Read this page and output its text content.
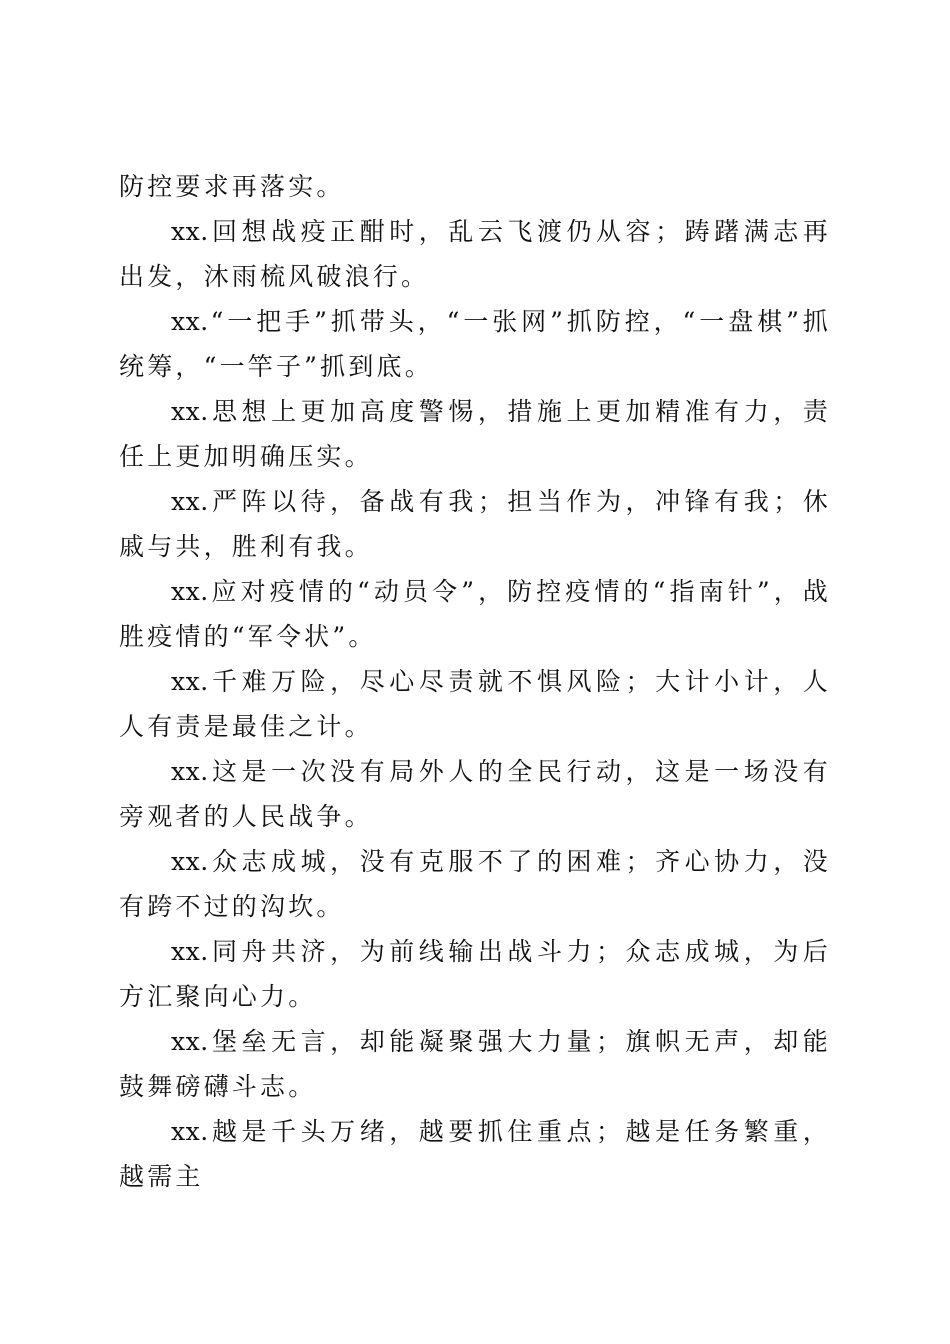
防控要求再落实。

xx.回想战疫正酣时，乱云飞渡仍从容；踌躇满志再出发，沐雨梳风破浪行。

xx.“一把手”抓带头，“一张网”抓防控，“一盘棋”抓统筹，“一竿子”抓到底。

xx.思想上更加高度警惕，措施上更加精准有力，责任上更加明确压实。

xx.严阵以待，备战有我；担当作为，冲锋有我；休戚与共，胜利有我。

xx.应对疫情的“动员令”，防控疫情的“指南针”，战胜疫情的“军令状”。

xx.千难万险，尽心尽责就不惧风险；大计小计，人人有责是最佳之计。

xx.这是一次没有局外人的全民行动，这是一场没有旁观者的人民战争。

xx.众志成城，没有克服不了的困难；齐心协力，没有跨不过的沟坎。

xx.同舟共济，为前线输出战斗力；众志成城，为后方汇聚向心力。

xx.堡垒无言，却能凝聚强大力量；旗帜无声，却能鼓舞磅礴斗志。

xx.越是千头万绪，越要抓住重点；越是任务繁重，越需主
